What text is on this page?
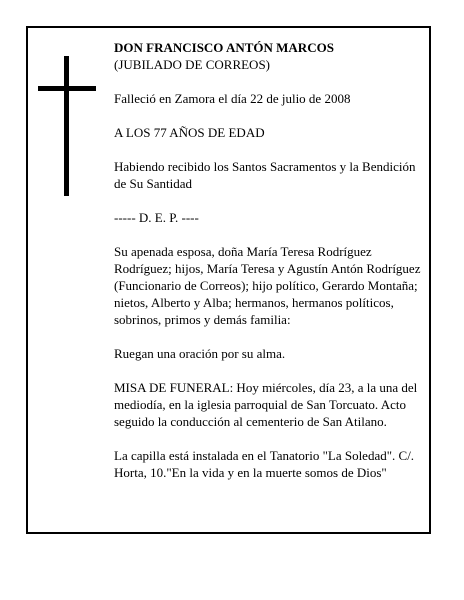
DON FRANCISCO ANTÓN MARCOS
(JUBILADO DE CORREOS)

Falleció en Zamora el día 22 de julio de 2008

A LOS 77 AÑOS DE EDAD

Habiendo recibido los Santos Sacramentos y la Bendición de Su Santidad

----- D. E. P. ----

Su apenada esposa, doña María Teresa Rodríguez Rodríguez; hijos, María Teresa y Agustín Antón Rodríguez (Funcionario de Correos); hijo político, Gerardo Montaña; nietos, Alberto y Alba; hermanos, hermanos políticos, sobrinos, primos y demás familia:

Ruegan una oración por su alma.

MISA DE FUNERAL: Hoy miércoles, día 23, a la una del mediodía, en la iglesia parroquial de San Torcuato. Acto seguido la conducción al cementerio de San Atilano.

La capilla está instalada en el Tanatorio "La Soledad". C/. Horta, 10."En la vida y en la muerte somos de Dios"
